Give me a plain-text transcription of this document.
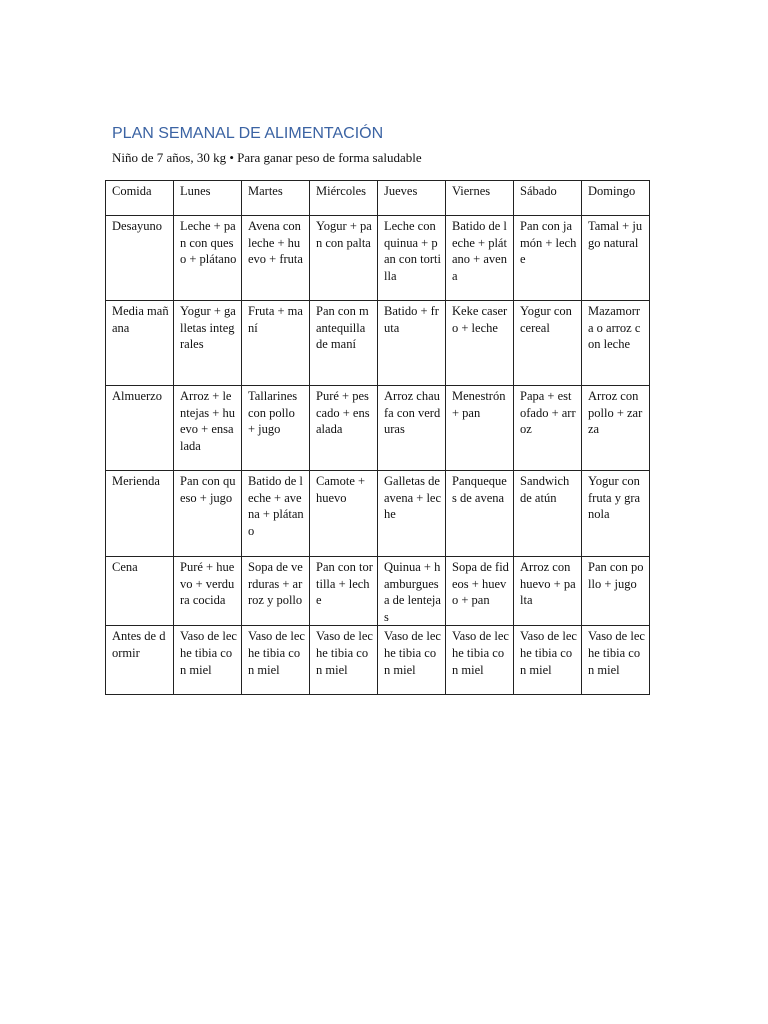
PLAN SEMANAL DE ALIMENTACIÓN
Niño de 7 años, 30 kg • Para ganar peso de forma saludable
Comida	Lunes	Martes	Miércoles	Jueves	Viernes	Sábado	Domingo
Desayuno	Leche + pan con queso + plátano	Avena con leche + huevo + fruta	Yogur + pan con palta	Leche con quinua + pan con tortilla	Batido de leche + plátano + avena	Pan con jamón + leche	Tamal + jugo natural
Media mañana	Yogur + galletas integrales	Fruta + maní	Pan con mantequilla de maní	Batido + fruta	Keke casero + leche	Yogur con cereal	Mazamorra o arroz con leche
Almuerzo	Arroz + lentejas + huevo + ensalada	Tallarines con pollo + jugo	Puré + pescado + ensalada	Arroz chaufa con verduras	Menestrón + pan	Papa + estofado + arroz	Arroz con pollo + zarza
Merienda	Pan con queso + jugo	Batido de leche + avena + plátano	Camote + huevo	Galletas de avena + leche	Panqueques de avena	Sandwich de atún	Yogur con fruta y granola
Cena	Puré + huevo + verdura cocida	Sopa de verduras + arroz y pollo	Pan con tortilla + leche	Quinua + hamburguesa de lentejas	Sopa de fideos + huevo + pan	Arroz con huevo + palta	Pan con pollo + jugo
Antes de dormir	Vaso de leche tibia con miel	Vaso de leche tibia con miel	Vaso de leche tibia con miel	Vaso de leche tibia con miel	Vaso de leche tibia con miel	Vaso de leche tibia con miel	Vaso de leche tibia con miel
